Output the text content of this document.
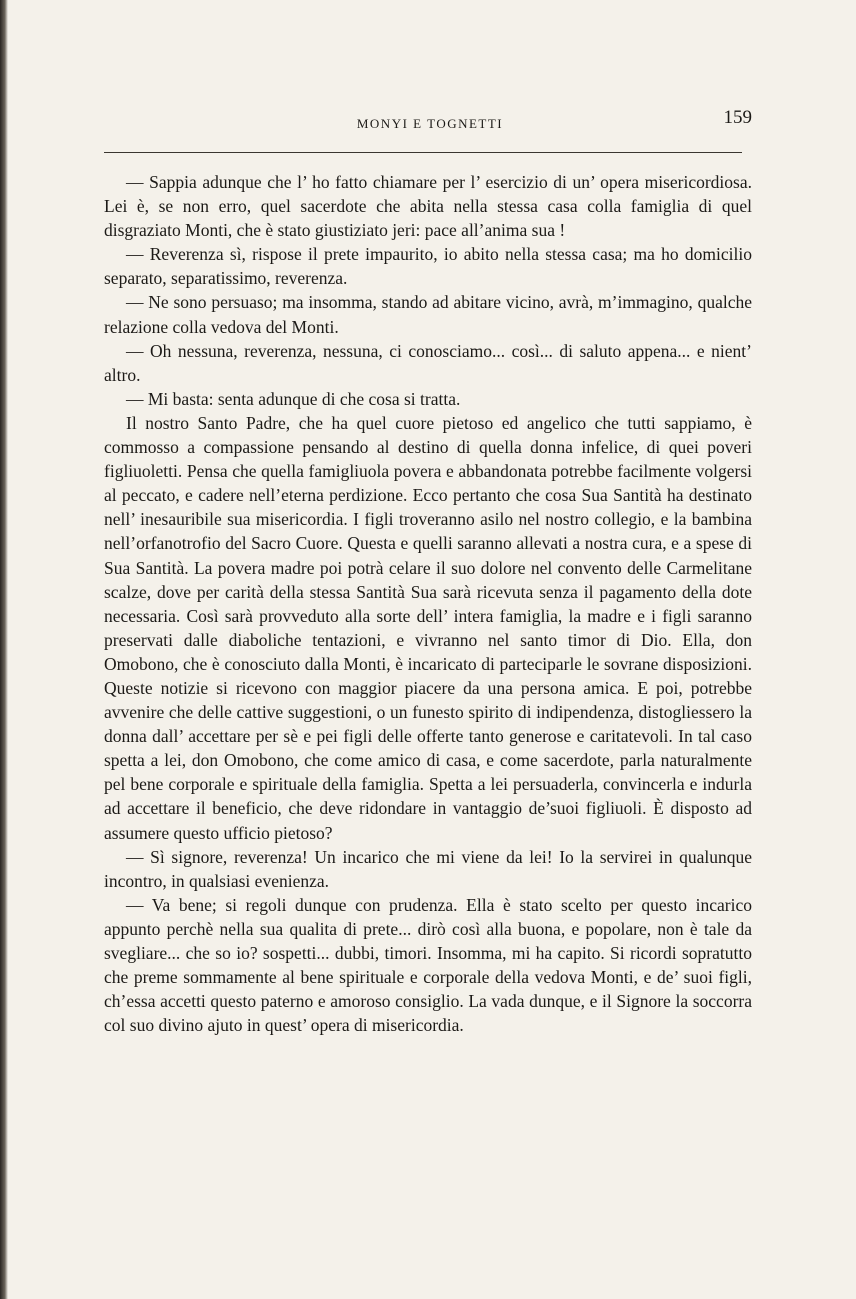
MONYI E TOGNETTI	159

— Sappia adunque che l’ ho fatto chiamare per l’ esercizio di un’ opera misericordiosa. Lei è, se non erro, quel sacerdote che abita nella stessa casa colla famiglia di quel disgraziato Monti, che è stato giustiziato jeri: pace all’anima sua !

— Reverenza sì, rispose il prete impaurito, io abito nella stessa casa; ma ho domicilio separato, separatissimo, reverenza.

— Ne sono persuaso; ma insomma, stando ad abitare vicino, avrà, m’immagino, qualche relazione colla vedova del Monti.

— Oh nessuna, reverenza, nessuna, ci conosciamo... così... di saluto appena... e nient’ altro.

— Mi basta: senta adunque di che cosa si tratta.

Il nostro Santo Padre, che ha quel cuore pietoso ed angelico che tutti sappiamo, è commosso a compassione pensando al destino di quella donna infelice, di quei poveri figliuoletti. Pensa che quella famigliuola povera e abbandonata potrebbe facilmente volgersi al peccato, e cadere nell’eterna perdizione. Ecco pertanto che cosa Sua Santità ha destinato nell’ inesauribile sua misericordia. I figli troveranno asilo nel nostro collegio, e la bambina nell’orfanotrofio del Sacro Cuore. Questa e quelli saranno allevati a nostra cura, e a spese di Sua Santità. La povera madre poi potrà celare il suo dolore nel convento delle Carmelitane scalze, dove per carità della stessa Santità Sua sarà ricevuta senza il pagamento della dote necessaria. Così sarà provveduto alla sorte dell’ intera famiglia, la madre e i figli saranno preservati dalle diaboliche tentazioni, e vivranno nel santo timor di Dio. Ella, don Omobono, che è conosciuto dalla Monti, è incaricato di parteciparle le sovrane disposizioni. Queste notizie si ricevono con maggior piacere da una persona amica. E poi, potrebbe avvenire che delle cattive suggestioni, o un funesto spirito di indipendenza, distogliessero la donna dall’ accettare per sè e pei figli delle offerte tanto generose e caritatevoli. In tal caso spetta a lei, don Omobono, che come amico di casa, e come sacerdote, parla naturalmente pel bene corporale e spirituale della famiglia. Spetta a lei persuaderla, convincerla e indurla ad accettare il beneficio, che deve ridondare in vantaggio de’suoi figliuoli. È disposto ad assumere questo ufficio pietoso?

— Sì signore, reverenza! Un incarico che mi viene da lei! Io la servirei in qualunque incontro, in qualsiasi evenienza.

— Va bene; si regoli dunque con prudenza. Ella è stato scelto per questo incarico appunto perchè nella sua qualita di prete... dirò così alla buona, e popolare, non è tale da svegliare... che so io? sospetti... dubbi, timori. Insomma, mi ha capito. Si ricordi sopratutto che preme sommamente al bene spirituale e corporale della vedova Monti, e de’ suoi figli, ch’essa accetti questo paterno e amoroso consiglio. La vada dunque, e il Signore la soccorra col suo divino ajuto in quest’ opera di misericordia.
